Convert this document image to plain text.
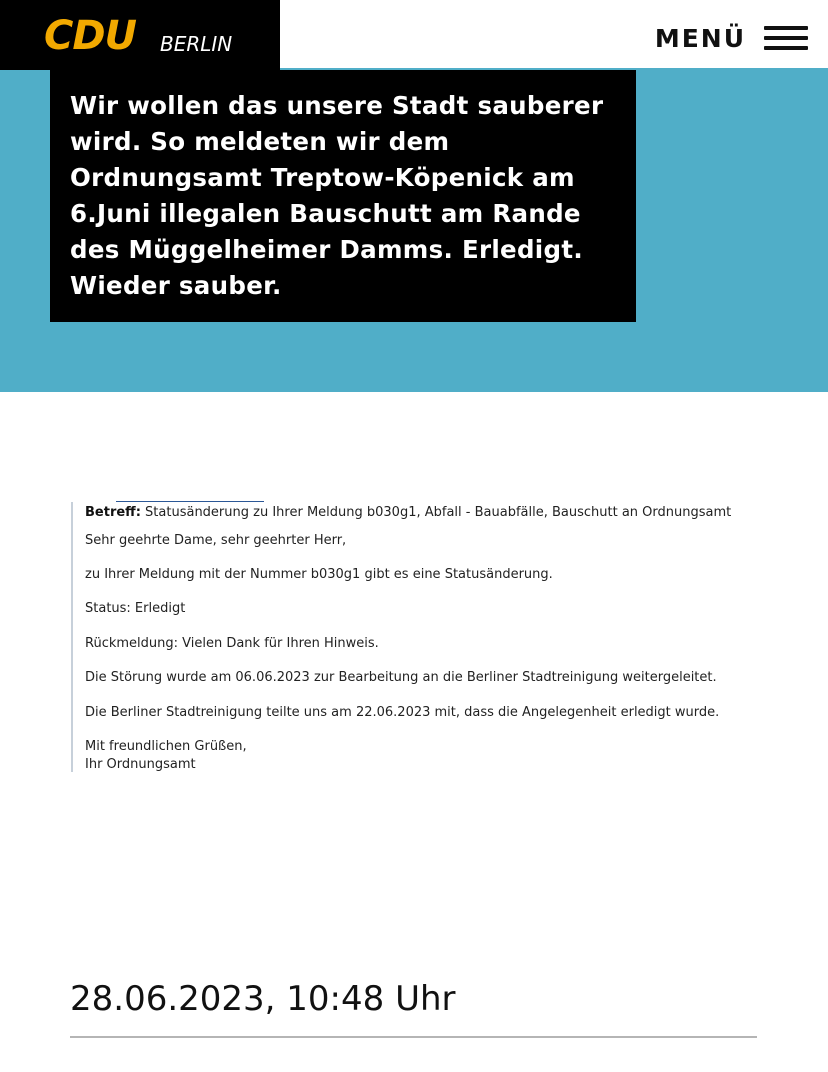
CDU BERLIN	MENÜ

Wir wollen das unsere Stadt sauberer wird. So meldeten wir dem Ordnungsamt Treptow-Köpenick am 6.Juni illegalen Bauschutt am Rande des Müggelheimer Damms. Erledigt. Wieder sauber.

Betreff: Statusänderung zu Ihrer Meldung b030g1, Abfall - Bauabfälle, Bauschutt an Ordnungsamt

Sehr geehrte Dame, sehr geehrter Herr,

zu Ihrer Meldung mit der Nummer b030g1 gibt es eine Statusänderung.

Status: Erledigt

Rückmeldung: Vielen Dank für Ihren Hinweis.

Die Störung wurde am 06.06.2023 zur Bearbeitung an die Berliner Stadtreinigung weitergeleitet.

Die Berliner Stadtreinigung teilte uns am 22.06.2023 mit, dass die Angelegenheit erledigt wurde.

Mit freundlichen Grüßen,

Ihr Ordnungsamt

28.06.2023, 10:48 Uhr
